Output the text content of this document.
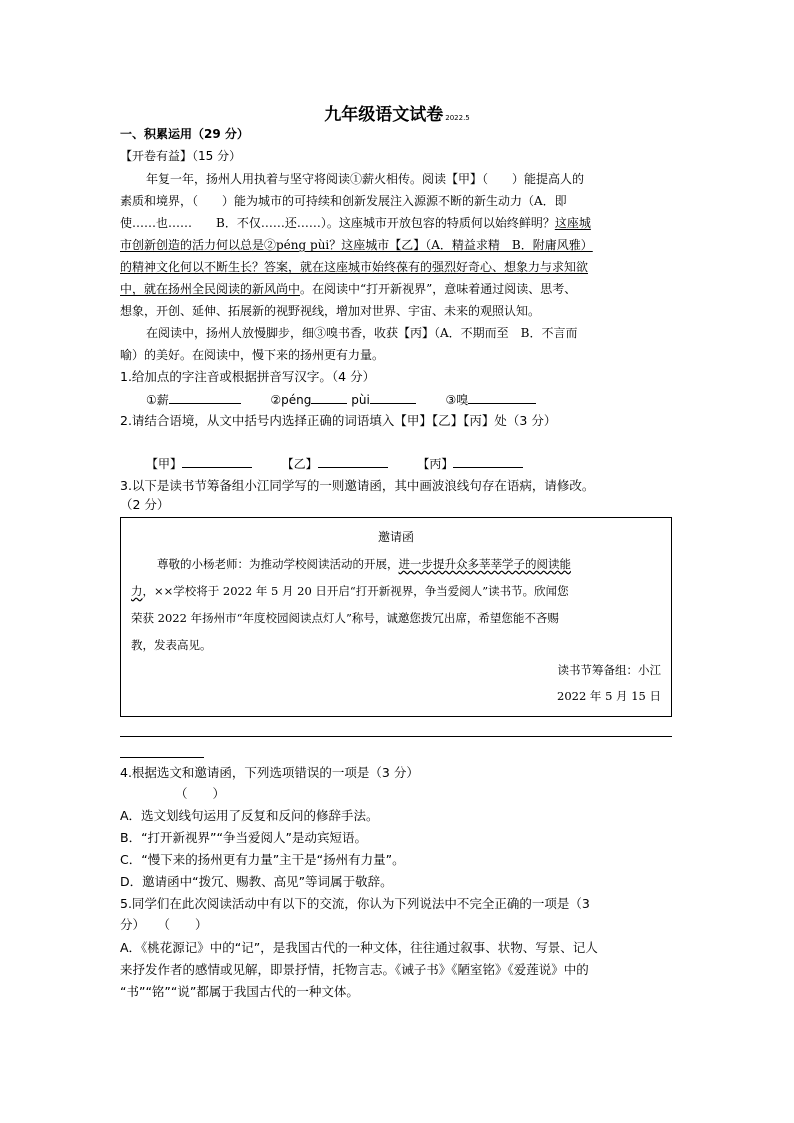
九年级语文试卷 2022.5
一、积累运用（29 分）
【开卷有益】（15 分）
年复一年，扬州人用执着与坚守将阅读①薪火相传。阅读【甲】（　　）能提高人的
素质和境界，（　　）能为城市的可持续和创新发展注入源源不断的新生动力（A．即
使……也……　　B．不仅……还……）。这座城市开放包容的特质何以始终鲜明？这座城
市创新创造的活力何以总是②péng pùi？这座城市【乙】（A．精益求精　B．附庸风雅）
的精神文化何以不断生长？答案，就在这座城市始终葆有的强烈好奇心、想象力与求知欲
中，就在扬州全民阅读的新风尚中。在阅读中“打开新视界”，意味着通过阅读、思考、
想象，开创、延伸、拓展新的视野视线，增加对世界、宇宙、未来的观照认知。
在阅读中，扬州人放慢脚步，细③嗅书香，收获【丙】（A．不期而至　B．不言而
喻）的美好。在阅读中，慢下来的扬州更有力量。
1.给加点的字注音或根据拼音写汉字。（4 分）
①薪	②péng	pùi	③嗅
2.请结合语境，从文中括号内选择正确的词语填入【甲】【乙】【丙】处（3 分）
【甲】	【乙】	【丙】
3.以下是读书节筹备组小江同学写的一则邀请函，其中画波浪线句存在语病，请修改。
（2 分）
邀请函
尊敬的小杨老师：为推动学校阅读活动的开展，进一步提升众多莘莘学子的阅读能
力，××学校将于 2022 年 5 月 20 日开启“打开新视界，争当爱阅人”读书节。欣闻您
荣获 2022 年扬州市“年度校园阅读点灯人”称号，诚邀您拨冗出席，希望您能不吝赐
教，发表高见。
读书节筹备组：小江
2022 年 5 月 15 日
4.根据选文和邀请函，下列选项错误的一项是（3 分）
（　　）
A．选文划线句运用了反复和反问的修辞手法。
B．“打开新视界”“争当爱阅人”是动宾短语。
C．“慢下来的扬州更有力量”主干是“扬州有力量”。
D．邀请函中“拨冗、赐教、高见”等词属于敬辞。
5.同学们在此次阅读活动中有以下的交流，你认为下列说法中不完全正确的一项是（3
分）　　（　　）
A．《桃花源记》中的“记”，是我国古代的一种文体，往往通过叙事、状物、写景、记人
来抒发作者的感情或见解，即景抒情，托物言志。《诫子书》《陋室铭》《爱莲说》中的
“书”“铭”“说”都属于我国古代的一种文体。
